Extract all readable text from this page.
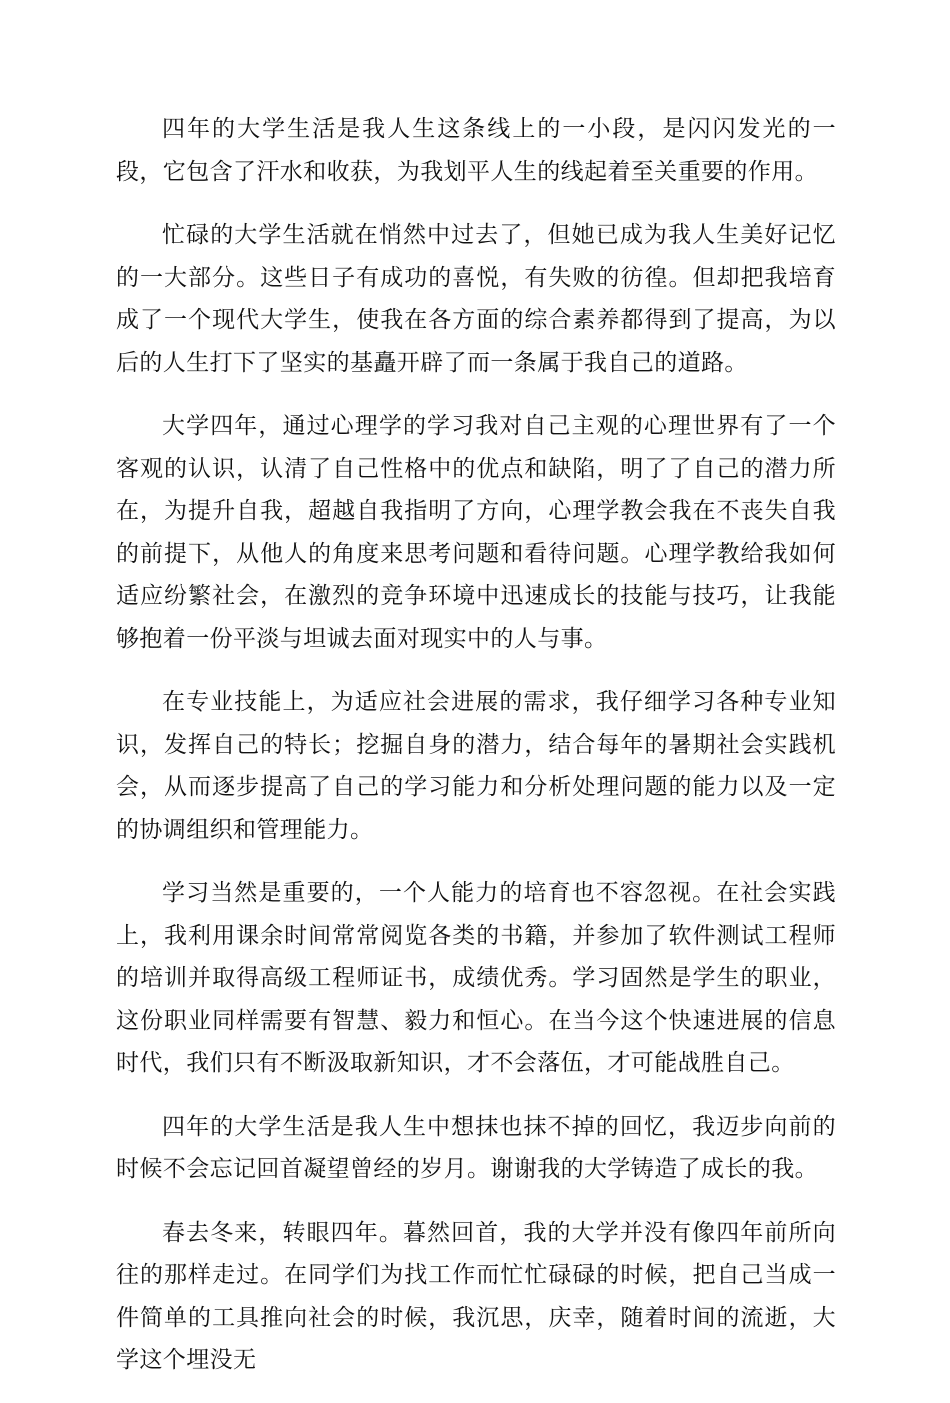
四年的大学生活是我人生这条线上的一小段，是闪闪发光的一段，它包含了汗水和收获，为我划平人生的线起着至关重要的作用。

忙碌的大学生活就在悄然中过去了，但她已成为我人生美好记忆的一大部分。这些日子有成功的喜悦，有失败的彷徨。但却把我培育成了一个现代大学生，使我在各方面的综合素养都得到了提高，为以后的人生打下了坚实的基矗开辟了而一条属于我自己的道路。

大学四年，通过心理学的学习我对自己主观的心理世界有了一个客观的认识，认清了自己性格中的优点和缺陷，明了了自己的潜力所在，为提升自我，超越自我指明了方向，心理学教会我在不丧失自我的前提下，从他人的角度来思考问题和看待问题。心理学教给我如何适应纷繁社会，在激烈的竞争环境中迅速成长的技能与技巧，让我能够抱着一份平淡与坦诚去面对现实中的人与事。

在专业技能上，为适应社会进展的需求，我仔细学习各种专业知识，发挥自己的特长；挖掘自身的潜力，结合每年的暑期社会实践机会，从而逐步提高了自己的学习能力和分析处理问题的能力以及一定的协调组织和管理能力。

学习当然是重要的，一个人能力的培育也不容忽视。在社会实践上，我利用课余时间常常阅览各类的书籍，并参加了软件测试工程师的培训并取得高级工程师证书，成绩优秀。学习固然是学生的职业，这份职业同样需要有智慧、毅力和恒心。在当今这个快速进展的信息时代，我们只有不断汲取新知识，才不会落伍，才可能战胜自己。

四年的大学生活是我人生中想抹也抹不掉的回忆，我迈步向前的时候不会忘记回首凝望曾经的岁月。谢谢我的大学铸造了成长的我。

春去冬来，转眼四年。暮然回首，我的大学并没有像四年前所向往的那样走过。在同学们为找工作而忙忙碌碌的时候，把自己当成一件简单的工具推向社会的时候，我沉思，庆幸，随着时间的流逝，大学这个埋没无
